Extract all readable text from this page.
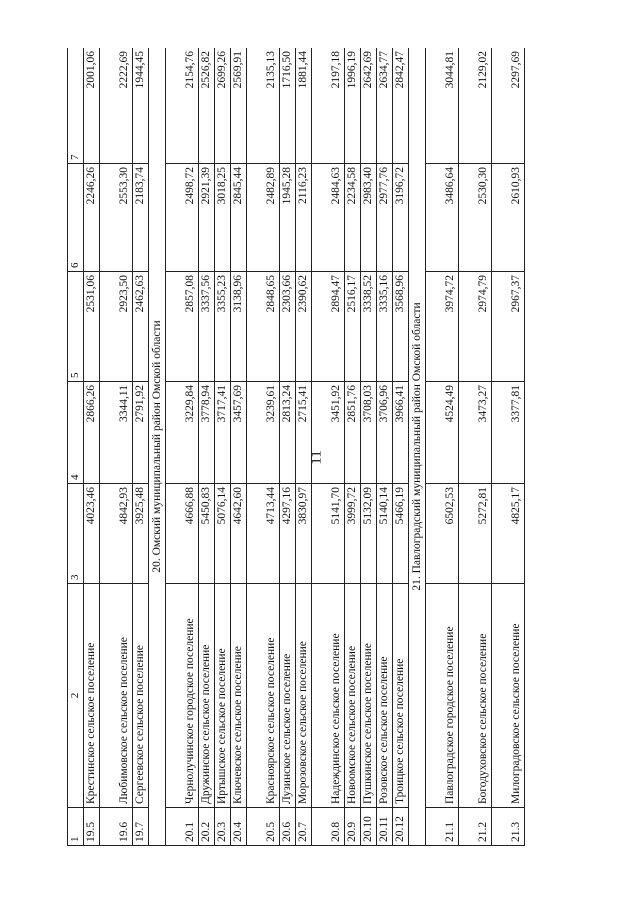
11
1	2	3	4	5	6	7
19.5	Крестинское сельское поселение	4023,46	2866,26	2531,06	2246,26	2001,06
19.6	Любимовское сельское поселение	4842,93	3344,11	2923,50	2553,30	2222,69
19.7	Сергеевское сельское поселение	3925,48	2791,92	2462,63	2183,74	1944,45
20. Омский муниципальный район Омской области						
20.1	Чернолучинское городское поселение	4666,88	3229,84	2857,08	2498,72	2154,76
20.2	Дружинское сельское поселение	5450,83	3778,94	3337,56	2921,39	2526,82
20.3	Иртышское сельское поселение	5076,14	3717,41	3355,23	3018,25	2699,26
20.4	Ключевское сельское поселение	4642,60	3457,69	3138,96	2845,44	2569,91
20.5	Красноярское сельское поселение	4713,44	3239,61	2848,65	2482,89	2135,13
20.6	Лузинское сельское поселение	4297,16	2813,24	2303,66	1945,28	1716,50
20.7	Морозовское сельское поселение	3830,97	2715,41	2390,62	2116,23	1881,44
20.8	Надеждинское сельское поселение	5141,70	3451,92	2894,47	2484,63	2197,18
20.9	Новоомское сельское поселение	3999,72	2851,76	2516,17	2234,58	1996,19
20.10	Пушкинское сельское поселение	5132,09	3708,03	3338,52	2983,40	2642,69
20.11	Розовское сельское поселение	5140,14	3706,96	3335,16	2977,76	2634,77
20.12	Троицкое сельское поселение	5466,19	3966,41	3568,96	3196,72	2842,47
21. Павлоградский муниципальный район Омской области						
21.1	Павлоградское городское поселение	6502,53	4524,49	3974,72	3486,64	3044,81
21.2	Богодуховское сельское поселение	5272,81	3473,27	2974,79	2530,30	2129,02
21.3	Милоградовское сельское поселение	4825,17	3377,81	2967,37	2610,93	2297,69
